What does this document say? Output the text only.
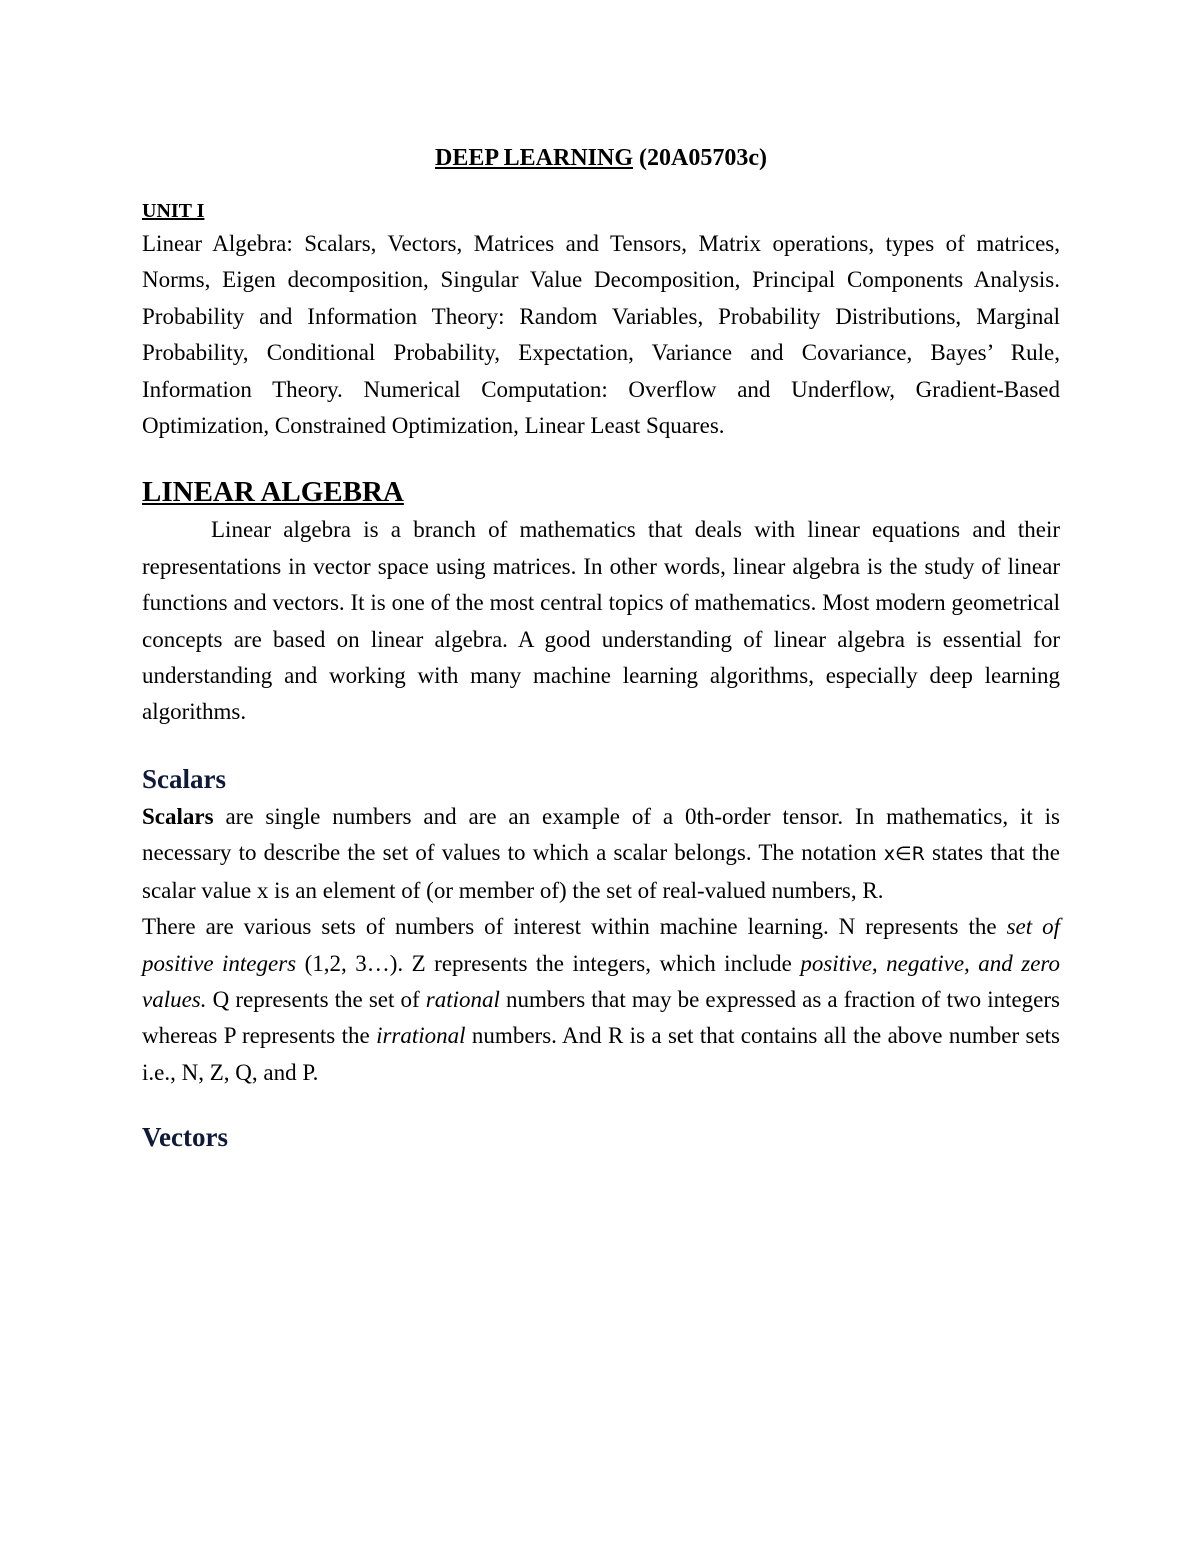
DEEP LEARNING (20A05703c)
UNIT I

Linear Algebra: Scalars, Vectors, Matrices and Tensors, Matrix operations, types of matrices, Norms, Eigen decomposition, Singular Value Decomposition, Principal Components Analysis. Probability and Information Theory: Random Variables, Probability Distributions, Marginal Probability, Conditional Probability, Expectation, Variance and Covariance, Bayes’ Rule, Information Theory. Numerical Computation: Overflow and Underflow, Gradient-Based Optimization, Constrained Optimization, Linear Least Squares.

LINEAR ALGEBRA

Linear algebra is a branch of mathematics that deals with linear equations and their representations in vector space using matrices. In other words, linear algebra is the study of linear functions and vectors. It is one of the most central topics of mathematics. Most modern geometrical concepts are based on linear algebra. A good understanding of linear algebra is essential for understanding and working with many machine learning algorithms, especially deep learning algorithms.

Scalars

Scalars are single numbers and are an example of a 0th-order tensor. In mathematics, it is necessary to describe the set of values to which a scalar belongs. The notation x∈R states that the scalar value x is an element of (or member of) the set of real-valued numbers, R.

There are various sets of numbers of interest within machine learning. N represents the set of positive integers (1,2, 3…). Z represents the integers, which include positive, negative, and zero values. Q represents the set of rational numbers that may be expressed as a fraction of two integers whereas P represents the irrational numbers. And R is a set that contains all the above number sets i.e., N, Z, Q, and P.

Vectors
